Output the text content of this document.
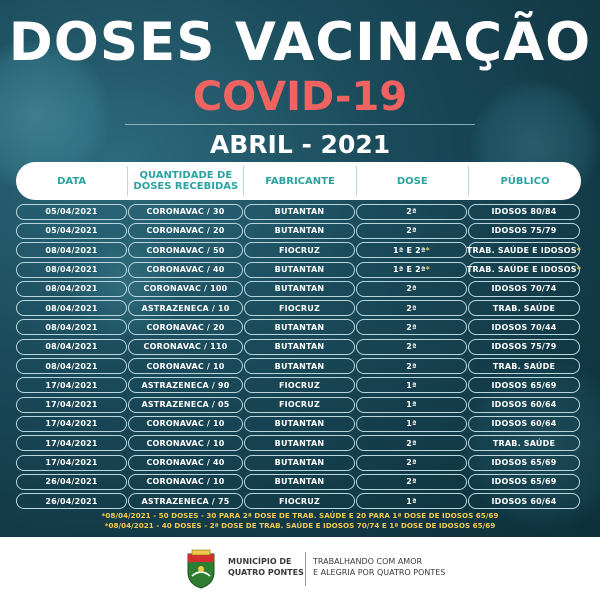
DOSES VACINAÇÃO
COVID-19
ABRIL - 2021
DATA	QUANTIDADE DE DOSES RECEBIDAS	FABRICANTE	DOSE	PÚBLICO
05/04/2021	CORONAVAC / 30	BUTANTAN	2ª	IDOSOS 80/84
05/04/2021	CORONAVAC / 20	BUTANTAN	2ª	IDOSOS 75/79
08/04/2021	CORONAVAC / 50	FIOCRUZ	1ª E 2ª *	TRAB. SAÚDE E IDOSOS *
08/04/2021	CORONAVAC / 40	BUTANTAN	1ª E 2ª *	TRAB. SAÚDE E IDOSOS *
08/04/2021	CORONAVAC / 100	BUTANTAN	2ª	IDOSOS 70/74
08/04/2021	ASTRAZENECA / 10	FIOCRUZ	2ª	TRAB. SAÚDE
08/04/2021	CORONAVAC / 20	BUTANTAN	2ª	IDOSOS 70/44
08/04/2021	CORONAVAC / 110	BUTANTAN	2ª	IDOSOS 75/79
08/04/2021	CORONAVAC / 10	BUTANTAN	2ª	TRAB. SAÚDE
17/04/2021	ASTRAZENECA / 90	FIOCRUZ	1ª	IDOSOS 65/69
17/04/2021	ASTRAZENECA / 05	FIOCRUZ	1ª	IDOSOS 60/64
17/04/2021	CORONAVAC / 10	BUTANTAN	1ª	IDOSOS 60/64
17/04/2021	CORONAVAC / 10	BUTANTAN	2ª	TRAB. SAÚDE
17/04/2021	CORONAVAC / 40	BUTANTAN	2ª	IDOSOS 65/69
26/04/2021	CORONAVAC / 10	BUTANTAN	2ª	IDOSOS 65/69
26/04/2021	ASTRAZENECA / 75	FIOCRUZ	1ª	IDOSOS 60/64
*08/04/2021 - 50 DOSES - 30 PARA 2ª DOSE DE TRAB. SAÚDE E 20 PARA 1ª DOSE DE IDOSOS 65/69
*08/04/2021 - 40 DOSES - 2ª DOSE DE TRAB. SAÚDE E IDOSOS 70/74 E 1ª DOSE DE IDOSOS 65/69
MUNICÍPIO DE
QUATRO PONTES
TRABALHANDO COM AMOR
E ALEGRIA POR QUATRO PONTES
